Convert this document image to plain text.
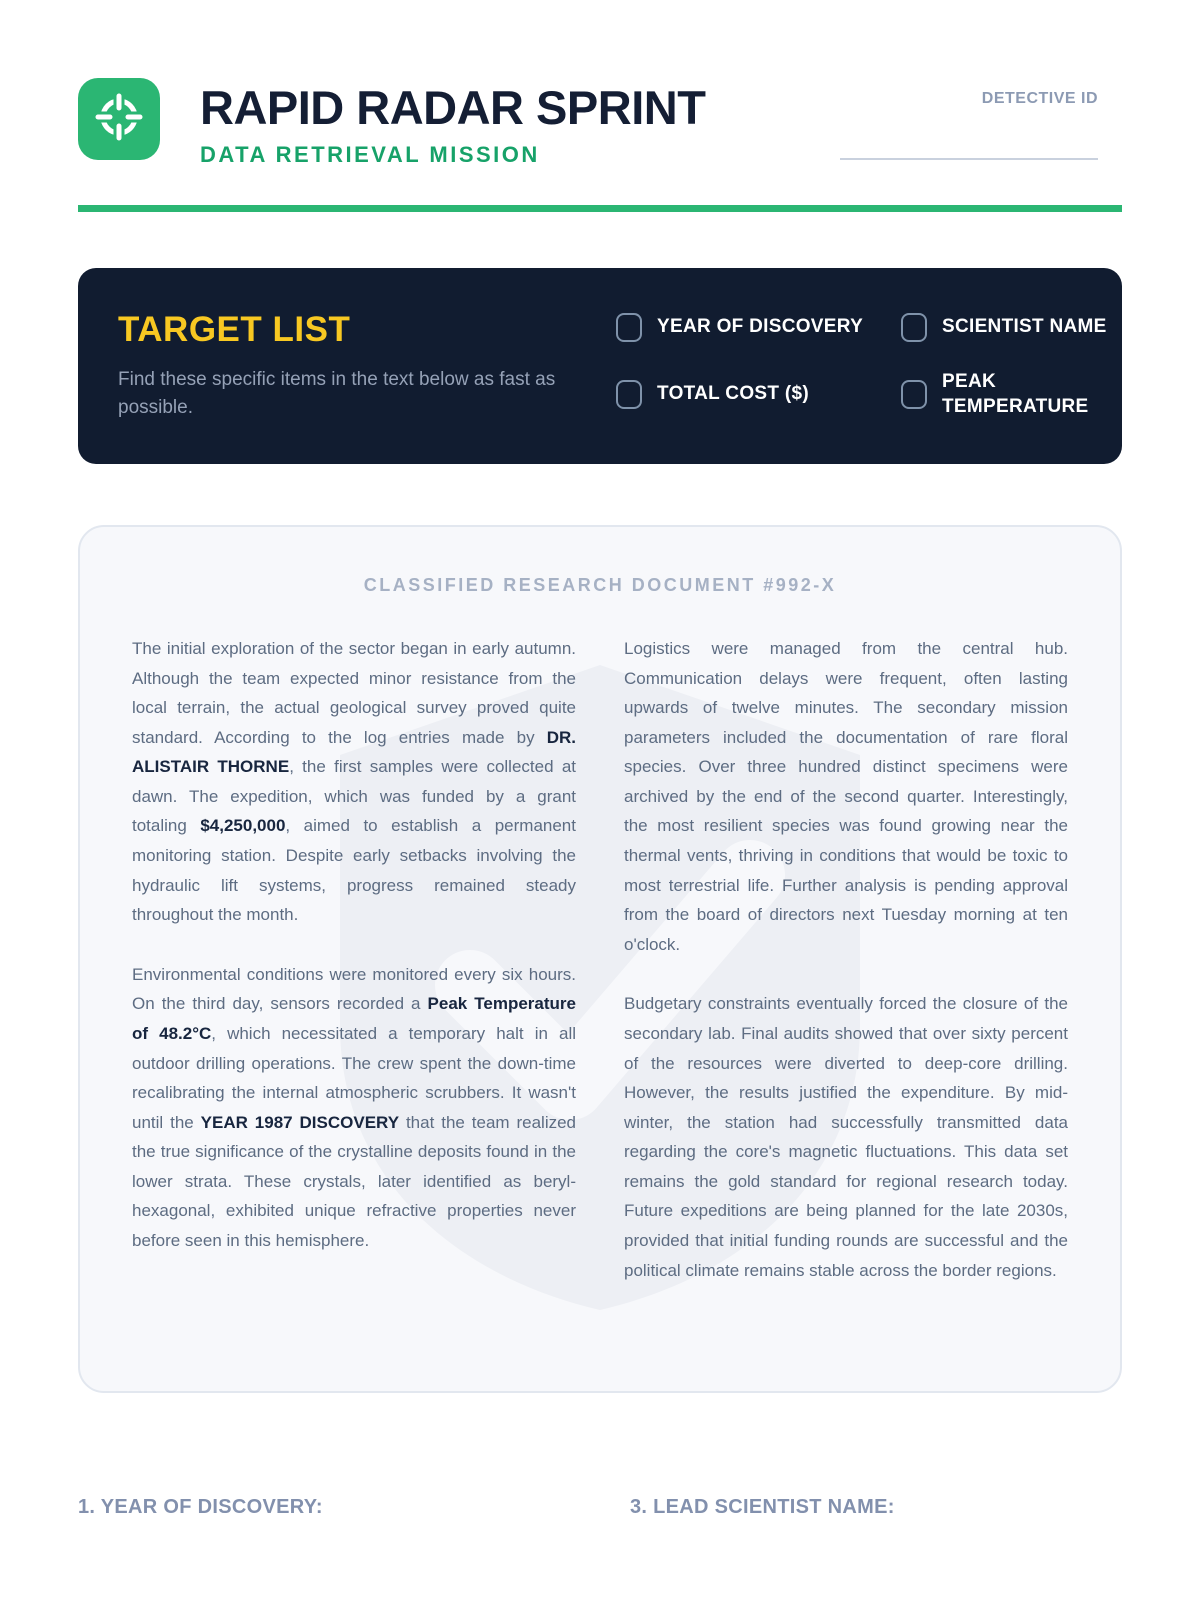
RAPID RADAR SPRINT
DATA RETRIEVAL MISSION
DETECTIVE ID
TARGET LIST
Find these specific items in the text below as fast as possible.
YEAR OF DISCOVERY	SCIENTIST NAME
TOTAL COST ($)
PEAK TEMPERATURE
CLASSIFIED RESEARCH DOCUMENT #992-X

The initial exploration of the sector began in early autumn. Although the team expected minor resistance from the local terrain, the actual geological survey proved quite standard. According to the log entries made by DR. ALISTAIR THORNE, the first samples were collected at dawn. The expedition, which was funded by a grant totaling $4,250,000, aimed to establish a permanent monitoring station. Despite early setbacks involving the hydraulic lift systems, progress remained steady throughout the month.

Environmental conditions were monitored every six hours. On the third day, sensors recorded a Peak Temperature of 48.2°C, which necessitated a temporary halt in all outdoor drilling operations. The crew spent the down-time recalibrating the internal atmospheric scrubbers. It wasn't until the YEAR 1987 DISCOVERY that the team realized the true significance of the crystalline deposits found in the lower strata. These crystals, later identified as beryl-hexagonal, exhibited unique refractive properties never before seen in this hemisphere.

Logistics were managed from the central hub. Communication delays were frequent, often lasting upwards of twelve minutes. The secondary mission parameters included the documentation of rare floral species. Over three hundred distinct specimens were archived by the end of the second quarter. Interestingly, the most resilient species was found growing near the thermal vents, thriving in conditions that would be toxic to most terrestrial life. Further analysis is pending approval from the board of directors next Tuesday morning at ten o'clock.

Budgetary constraints eventually forced the closure of the secondary lab. Final audits showed that over sixty percent of the resources were diverted to deep-core drilling. However, the results justified the expenditure. By mid-winter, the station had successfully transmitted data regarding the core's magnetic fluctuations. This data set remains the gold standard for regional research today. Future expeditions are being planned for the late 2030s, provided that initial funding rounds are successful and the political climate remains stable across the border regions.

1. YEAR OF DISCOVERY:	3. LEAD SCIENTIST NAME:
